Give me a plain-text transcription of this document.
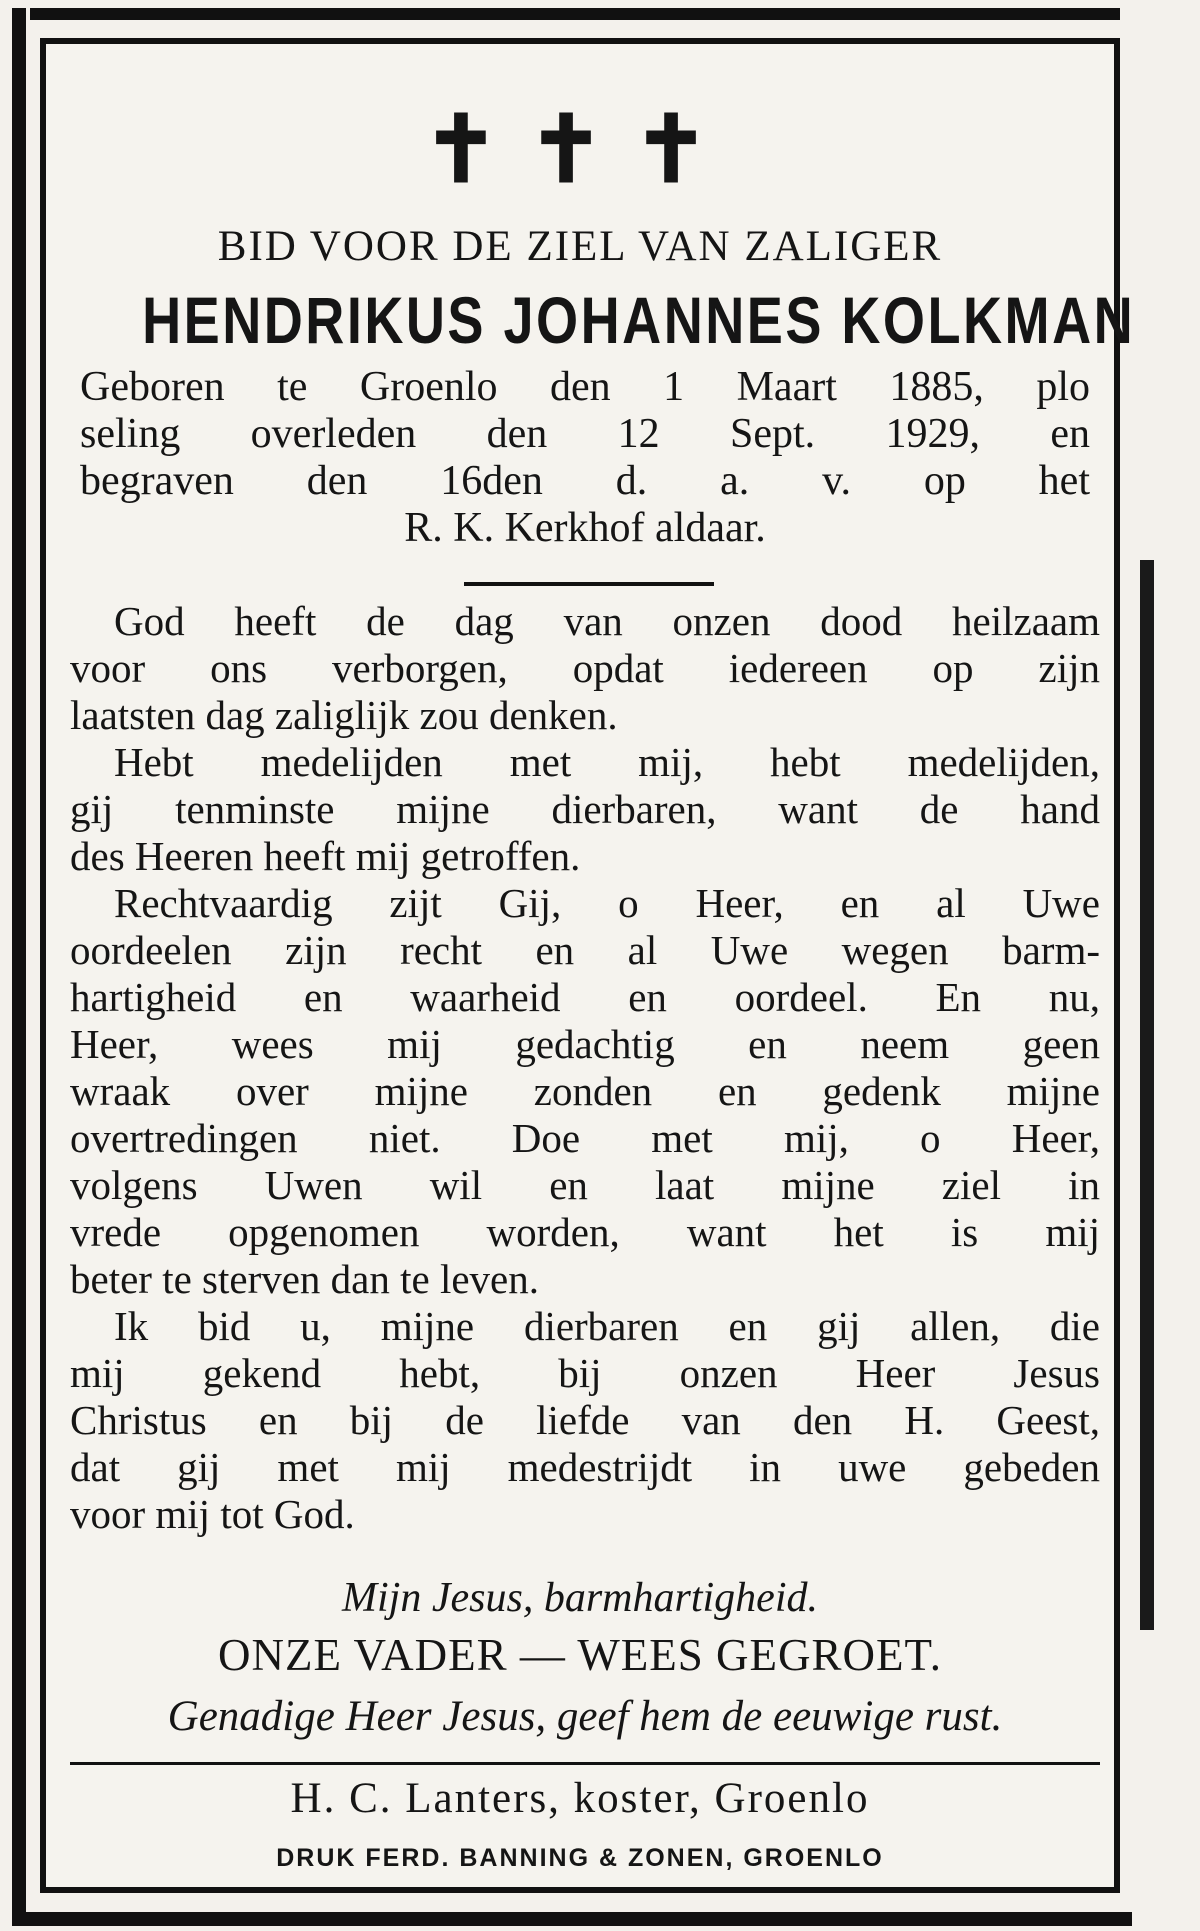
✝✝✝
BID VOOR DE ZIEL VAN ZALIGER
HENDRIKUS JOHANNES KOLKMAN
Geboren te Groenlo den 1 Maart 1885, plo
seling overleden den 12 Sept. 1929, en
begraven den 16den d. a. v. op het
R. K. Kerkhof aldaar.
God heeft de dag van onzen dood heilzaam
voor ons verborgen, opdat iedereen op zijn
laatsten dag zaliglijk zou denken.
Hebt medelijden met mij, hebt medelijden,
gij tenminste mijne dierbaren, want de hand
des Heeren heeft mij getroffen.
Rechtvaardig zijt Gij, o Heer, en al Uwe
oordeelen zijn recht en al Uwe wegen barm-
hartigheid en waarheid en oordeel. En nu,
Heer, wees mij gedachtig en neem geen
wraak over mijne zonden en gedenk mijne
overtredingen niet. Doe met mij, o Heer,
volgens Uwen wil en laat mijne ziel in
vrede opgenomen worden, want het is mij
beter te sterven dan te leven.
Ik bid u, mijne dierbaren en gij allen, die
mij gekend hebt, bij onzen Heer Jesus
Christus en bij de liefde van den H. Geest,
dat gij met mij medestrijdt in uwe gebeden
voor mij tot God.
Mijn Jesus, barmhartigheid.
ONZE VADER — WEES GEGROET.
Genadige Heer Jesus, geef hem de eeuwige rust.
H. C. Lanters, koster, Groenlo
DRUK FERD. BANNING & ZONEN, GROENLO
